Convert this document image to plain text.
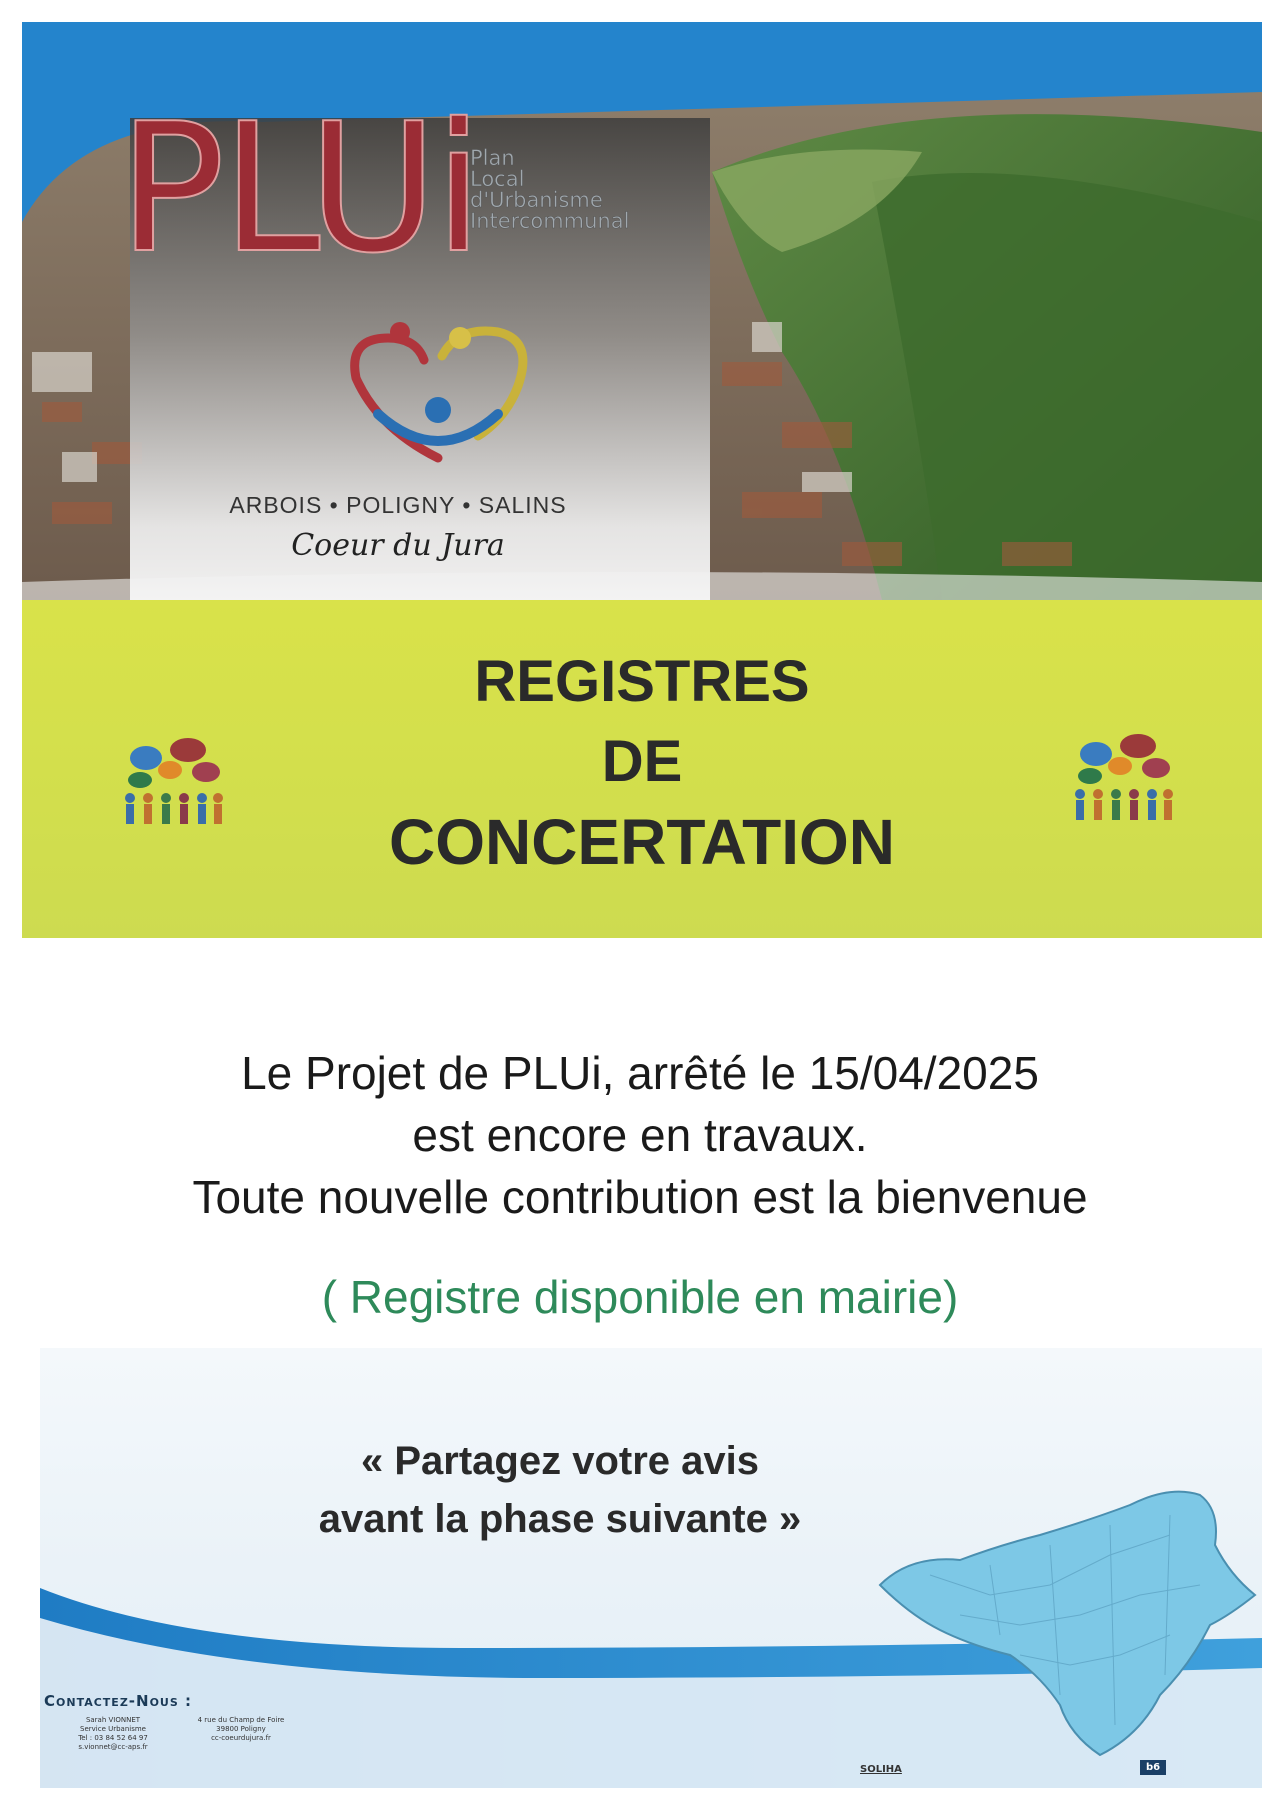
PLUi
Plan
Local
d'Urbanisme
Intercommunal
ARBOIS • POLIGNY • SALINS
Coeur du Jura
REGISTRES
DE
CONCERTATION
Le Projet de PLUi, arrêté le 15/04/2025
est encore en travaux.
Toute nouvelle contribution est la bienvenue
( Registre disponible en mairie)
« Partagez votre avis
avant la phase suivante »
Contactez-Nous :
Sarah VIONNET
Service Urbanisme
Tel : 03 84 52 64 97
s.vionnet@cc-aps.fr
4 rue du Champ de Foire
39800 Poligny
cc-coeurdujura.fr
SOLIHA	b6
